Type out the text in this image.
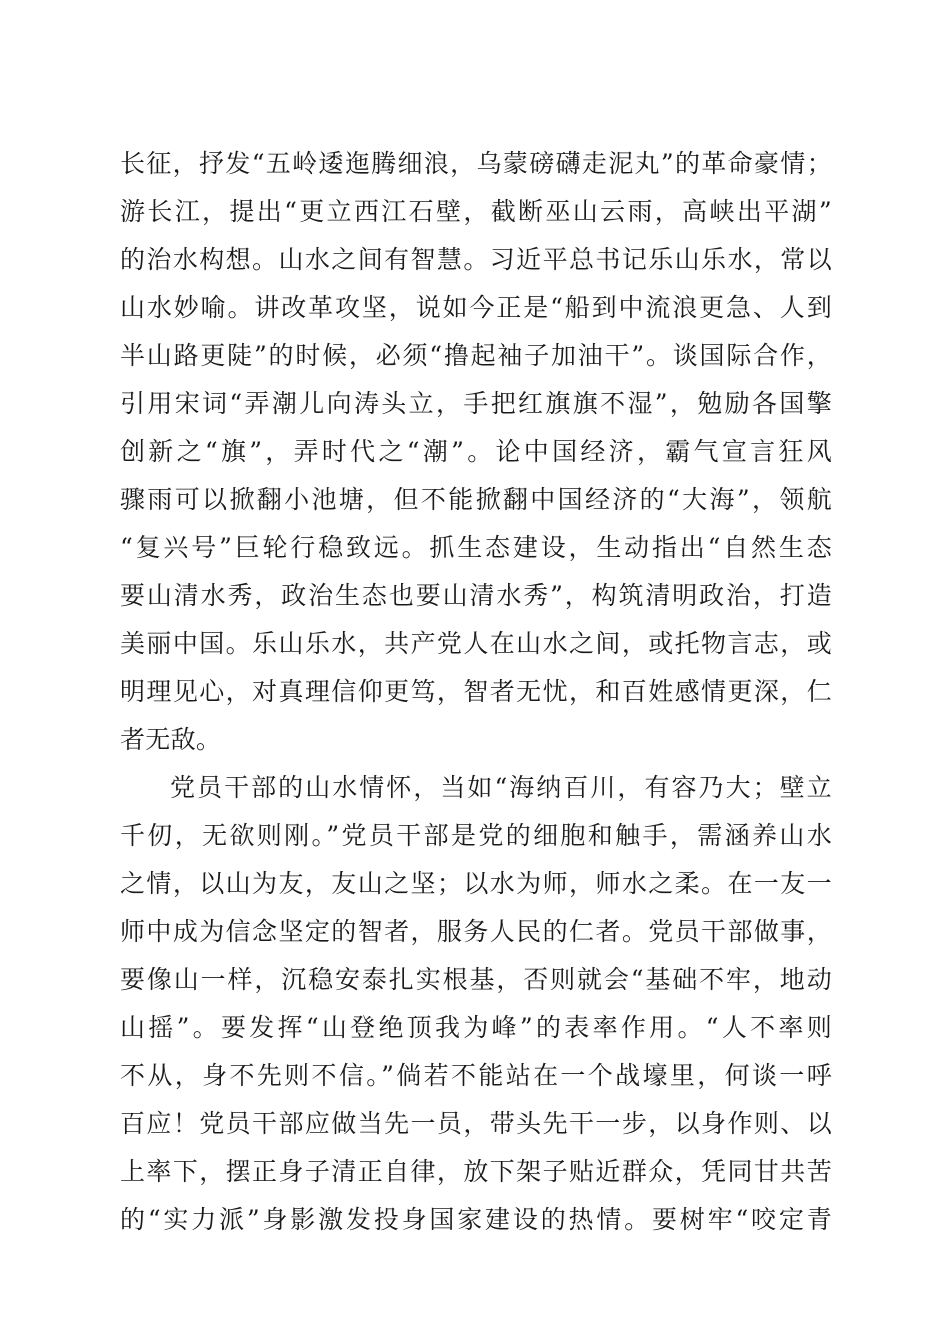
长征，抒发“五岭逶迤腾细浪，乌蒙磅礴走泥丸”的革命豪情；
游长江，提出“更立西江石壁，截断巫山云雨，高峡出平湖”
的治水构想。山水之间有智慧。习近平总书记乐山乐水，常以
山水妙喻。讲改革攻坚，说如今正是“船到中流浪更急、人到
半山路更陡”的时候，必须“撸起袖子加油干”。谈国际合作，
引用宋词“弄潮儿向涛头立，手把红旗旗不湿”，勉励各国擎
创新之“旗”，弄时代之“潮”。论中国经济，霸气宣言狂风
骤雨可以掀翻小池塘，但不能掀翻中国经济的“大海”，领航
“复兴号”巨轮行稳致远。抓生态建设，生动指出“自然生态
要山清水秀，政治生态也要山清水秀”，构筑清明政治，打造
美丽中国。乐山乐水，共产党人在山水之间，或托物言志，或
明理见心，对真理信仰更笃，智者无忧，和百姓感情更深，仁
者无敌。
党员干部的山水情怀，当如“海纳百川，有容乃大；壁立
千仞，无欲则刚。”党员干部是党的细胞和触手，需涵养山水
之情，以山为友，友山之坚；以水为师，师水之柔。在一友一
师中成为信念坚定的智者，服务人民的仁者。党员干部做事，
要像山一样，沉稳安泰扎实根基，否则就会“基础不牢，地动
山摇”。要发挥“山登绝顶我为峰”的表率作用。“人不率则
不从，身不先则不信。”倘若不能站在一个战壕里，何谈一呼
百应！党员干部应做当先一员，带头先干一步，以身作则、以
上率下，摆正身子清正自律，放下架子贴近群众，凭同甘共苦
的“实力派”身影激发投身国家建设的热情。要树牢“咬定青
